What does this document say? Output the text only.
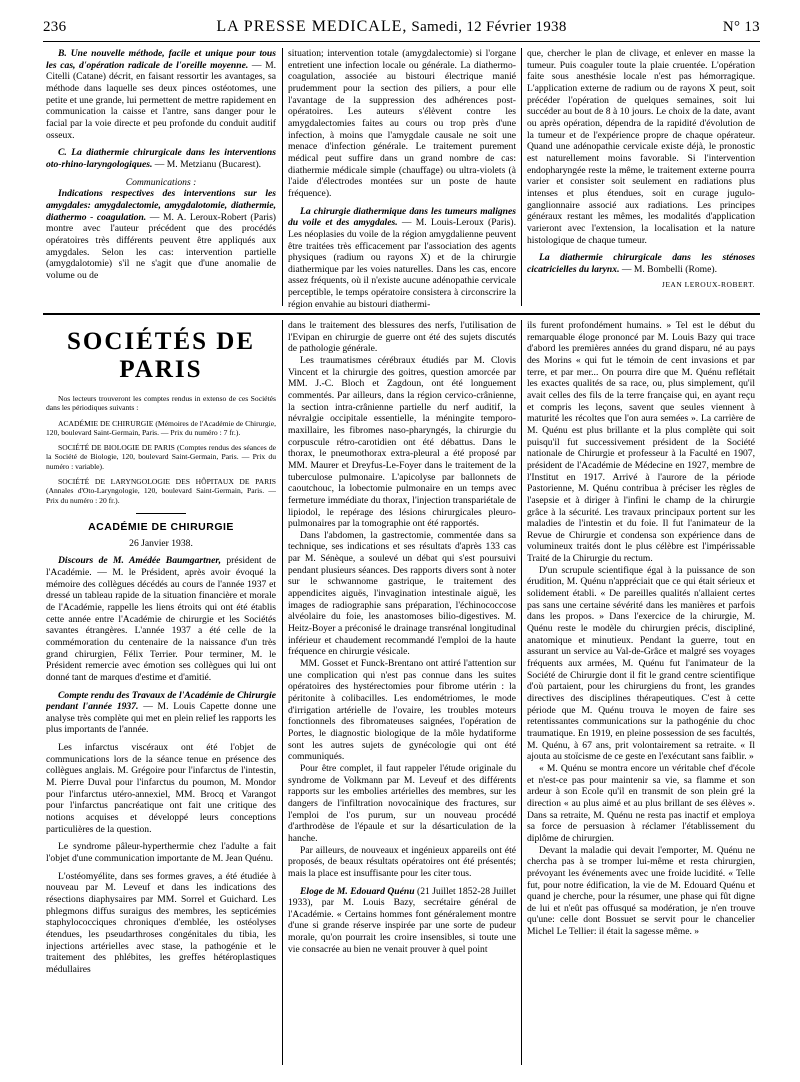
236	LA PRESSE MEDICALE, Samedi, 12 Février 1938	N° 13

B. Une nouvelle méthode, facile et unique pour tous les cas, d'opération radicale de l'oreille moyenne. — M. Citelli (Catane) décrit, en faisant ressortir les avantages, sa méthode dans laquelle ses deux pinces ostéotomes, une petite et une grande, lui permettent de mettre rapidement en communication la caisse et l'antre, sans danger pour le facial par la voie directe et peu profonde du conduit auditif osseux.

C. La diathermie chirurgicale dans les interventions oto-rhino-laryngologiques. — M. Metzianu (Bucarest).

Communications :

Indications respectives des interventions sur les amygdales: amygdalectomie, amygdalotomie, diathermie, diathermo - coagulation. — M. A. Leroux-Robert (Paris) montre avec l'auteur précédent que des procédés opératoires très différents peuvent être appliqués aux amygdales. Selon les cas: intervention partielle (amygdalotomie) s'il ne s'agit que d'une anomalie de volume ou de

situation; intervention totale (amygdalectomie) si l'organe entretient une infection locale ou générale. La diathermo-coagulation, associée au bistouri électrique manié prudemment pour la section des piliers, a pour elle l'avantage de la suppression des adhérences post-opératoires. Les auteurs s'élèvent contre les amygdalectomies faites au cours ou trop près d'une infection, à moins que l'amygdale causale ne soit une menace d'infection générale. Le traitement purement médical peut suffire dans un grand nombre de cas: diathermie médicale simple (chauffage) ou ultra-violets (à l'aide d'électrodes montées sur un poste de haute fréquence).

La chirurgie diathermique dans les tumeurs malignes du voile et des amygdales. — M. Louis-Leroux (Paris). Les néoplasies du voile de la région amygdalienne peuvent être traitées très efficacement par l'association des agents physiques (radium ou rayons X) et de la chirurgie diathermique par les voies naturelles. Dans les cas, encore assez fréquents, où il n'existe aucune adénopathie cervicale perceptible, le temps opératoire consistera à circonscrire la région envahie au bistouri diathermi-

que, chercher le plan de clivage, et enlever en masse la tumeur. Puis coaguler toute la plaie cruentée. L'opération faite sous anesthésie locale n'est pas hémorragique. L'application externe de radium ou de rayons X peut, soit précéder l'opération de quelques semaines, soit lui succéder au bout de 8 à 10 jours. Le choix de la date, avant ou après opération, dépendra de la rapidité d'évolution de la tumeur et de l'expérience propre de chaque opérateur. Quand une adénopathie cervicale existe déjà, le pronostic est naturellement moins favorable. Si l'intervention endopharyngée reste la même, le traitement externe pourra varier et consister soit seulement en radiations plus intenses et plus étendues, soit en curage jugulo-ganglionnaire associé aux radiations. Les principes généraux restant les mêmes, les modalités d'application varieront avec l'extension, la localisation et la nature histologique de chaque tumeur.

La diathermie chirurgicale dans les sténoses cicatricielles du larynx. — M. Bombelli (Rome).

JEAN LEROUX-ROBERT.
SOCIÉTÉS DE PARIS

Nos lecteurs trouveront les comptes rendus in extenso de ces Sociétés dans les périodiques suivants :

ACADÉMIE DE CHIRURGIE (Mémoires de l'Académie de Chirurgie, 120, boulevard Saint-Germain, Paris. — Prix du numéro : 7 fr.).

SOCIÉTÉ DE BIOLOGIE DE PARIS (Comptes rendus des séances de la Société de Biologie, 120, boulevard Saint-Germain, Paris. — Prix du numéro : variable).

SOCIÉTÉ DE LARYNGOLOGIE DES HÔPITAUX DE PARIS (Annales d'Oto-Laryngologie, 120, boulevard Saint-Germain, Paris. — Prix du numéro : 20 fr.).

ACADÉMIE DE CHIRURGIE

26 Janvier 1938.

Discours de M. Amédée Baumgartner, président de l'Académie. — M. le Président, après avoir évoqué la mémoire des collègues décédés au cours de l'année 1937 et dressé un tableau rapide de la situation financière et morale de l'Académie, rappelle les liens étroits qui ont été établis cette année entre l'Académie de chirurgie et les Sociétés savantes étrangères. L'année 1937 a été celle de la commémoration du centenaire de la naissance d'un très grand chirurgien, Félix Terrier. Pour terminer, M. le Président remercie avec émotion ses collègues qui lui ont donné tant de marques d'estime et d'amitié.

Compte rendu des Travaux de l'Académie de Chirurgie pendant l'année 1937. — M. Louis Capette donne une analyse très complète qui met en plein relief les rapports les plus importants de l'année.

Les infarctus viscéraux ont été l'objet de communications lors de la séance tenue en présence des collègues anglais. M. Grégoire pour l'infarctus de l'intestin, M. Pierre Duval pour l'infarctus du poumon, M. Mondor pour l'infarctus utéro-annexiel, MM. Brocq et Varangot pour l'infarctus pancréatique ont fait une critique des notions acquises et développé leurs conceptions particulières de la question.

Le syndrome pâleur-hyperthermie chez l'adulte a fait l'objet d'une communication importante de M. Jean Quénu.

L'ostéomyélite, dans ses formes graves, a été étudiée à nouveau par M. Leveuf et dans les indications des résections diaphysaires par MM. Sorrel et Guichard. Les phlegmons diffus suraigus des membres, les septicémies staphylococciques chroniques d'emblée, les ostéolyses étendues, les pseudarthroses congénitales du tibia, les injections artérielles avec stase, la pathogénie et le traitement des phlébites, les greffes hétéroplastiques médullaires

dans le traitement des blessures des nerfs, l'utilisation de l'Evipan en chirurgie de guerre ont été des sujets discutés de pathologie générale.

Les traumatismes cérébraux étudiés par M. Clovis Vincent et la chirurgie des goitres, question amorcée par MM. J.-C. Bloch et Zagdoun, ont été longuement commentés. Par ailleurs, dans la région cervico-crânienne, la section intra-crânienne partielle du nerf auditif, la névralgie occipitale essentielle, la méningite temporo-maxillaire, les fibromes naso-pharyngés, la chirurgie du corpuscule rétro-carotidien ont été débattus. Dans le thorax, le pneumothorax extra-pleural a été proposé par MM. Maurer et Dreyfus-Le-Foyer dans le traitement de la tuberculose pulmonaire. L'apicolyse par ballonnets de caoutchouc, la lobectomie pulmonaire en un temps avec fermeture immédiate du thorax, l'injection transpariétale de lipiodol, le repérage des lésions chirurgicales pleuro-pulmonaires par la tomographie ont été rapportés.

Dans l'abdomen, la gastrectomie, commentée dans sa technique, ses indications et ses résultats d'après 133 cas par M. Sénèque, a soulevé un débat qui s'est poursuivi pendant plusieurs séances. Des rapports divers sont à noter sur le schwannome gastrique, le traitement des appendicites aiguës, l'invagination intestinale aiguë, les images de radiographie sans préparation, l'échinococcose alvéolaire du foie, les anastomoses bilio-digestives. M. Heitz-Boyer a préconisé le drainage transrénal longitudinal inférieur et chaudement recommandé l'emploi de la haute fréquence en chirurgie vésicale.

MM. Gosset et Funck-Brentano ont attiré l'attention sur une complication qui n'est pas connue dans les suites opératoires des hystérectomies pour fibrome utérin : la péritonite à colibacilles. Les endométriomes, le mode d'irrigation artérielle de l'ovaire, les troubles moteurs fonctionnels des fibromateuses saignées, l'opération de Portes, le diagnostic biologique de la môle hydatiforme sont les autres sujets de gynécologie qui ont été communiqués.

Pour être complet, il faut rappeler l'étude originale du syndrome de Volkmann par M. Leveuf et des différents rapports sur les embolies artérielles des membres, sur les dangers de l'infiltration novocaïnique des fractures, sur l'emploi de l'os purum, sur un nouveau procédé d'arthrodèse de l'épaule et sur la désarticulation de la hanche.

Par ailleurs, de nouveaux et ingénieux appareils ont été proposés, de beaux résultats opératoires ont été présentés; mais la place est insuffisante pour les citer tous.

Eloge de M. Edouard Quénu (21 Juillet 1852-28 Juillet 1933), par M. Louis Bazy, secrétaire général de l'Académie. « Certains hommes font généralement montre d'une si grande réserve inspirée par une sorte de pudeur morale, qu'on pourrait les croire insensibles, si toute une vie consacrée au bien ne venait prouver à quel point

ils furent profondément humains. » Tel est le début du remarquable éloge prononcé par M. Louis Bazy qui trace d'abord les premières années du grand disparu, né au pays des Morins « qui fut le témoin de cent invasions et par terre, et par mer... On pourra dire que M. Quénu reflétait les exactes qualités de sa race, ou, plus simplement, qu'il avait celles des fils de la terre française qui, en ayant reçu et compris les leçons, savent que seules viennent à maturité les récoltes que l'on aura semées ». La carrière de M. Quénu est plus brillante et la plus complète qui soit puisqu'il fut successivement président de la Société nationale de Chirurgie et professeur à la Faculté en 1907, président de l'Académie de Médecine en 1927, membre de l'Institut en 1917. Arrivé à l'aurore de la période Pastorienne, M. Quénu contribua à préciser les règles de l'asepsie et à diriger à l'infini le champ de la chirurgie grâce à la sécurité. Les travaux principaux portent sur les maladies de l'intestin et du foie. Il fut l'animateur de la Revue de Chirurgie et condensa son expérience dans de volumineux traités dont le plus célèbre est l'impérissable Traité de la Chirurgie du rectum.

D'un scrupule scientifique égal à la puissance de son érudition, M. Quénu n'appréciait que ce qui était sérieux et solidement établi. « De pareilles qualités n'allaient certes pas sans une certaine sévérité dans les manières et parfois dans les propos. » Dans l'exercice de la chirurgie, M. Quénu reste le modèle du chirurgien précis, discipliné, anatomique et minutieux. Pendant la guerre, tout en assurant un service au Val-de-Grâce et malgré ses voyages fréquents aux armées, M. Quénu fut l'animateur de la Société de Chirurgie dont il fit le grand centre scientifique d'où partaient, pour les chirurgiens du front, les grandes directives des disciplines thérapeutiques. C'est à cette période que M. Quénu trouva le moyen de faire ses retentissantes communications sur la pathogénie du choc traumatique. En 1919, en pleine possession de ses facultés, M. Quénu, à 67 ans, prit volontairement sa retraite. « Il ajouta au stoïcisme de ce geste en l'exécutant sans faiblir. »

« M. Quénu se montra encore un véritable chef d'école et n'est-ce pas pour maintenir sa vie, sa flamme et son ardeur à son Ecole qu'il en transmit de son plein gré la direction « au plus aimé et au plus brillant de ses élèves ». Dans sa retraite, M. Quénu ne resta pas inactif et employa sa force de persuasion à réclamer l'établissement du diplôme de chirurgien.

Devant la maladie qui devait l'emporter, M. Quénu ne chercha pas à se tromper lui-même et resta chirurgien, prévoyant les événements avec une froide lucidité. « Telle fut, pour notre édification, la vie de M. Edouard Quénu et quand je cherche, pour la résumer, une phase qui fût digne de lui et n'eût pas offusqué sa modération, je n'en trouve qu'une: celle dont Bossuet se servit pour le chancelier Michel Le Tellier: il était la sagesse même. »
